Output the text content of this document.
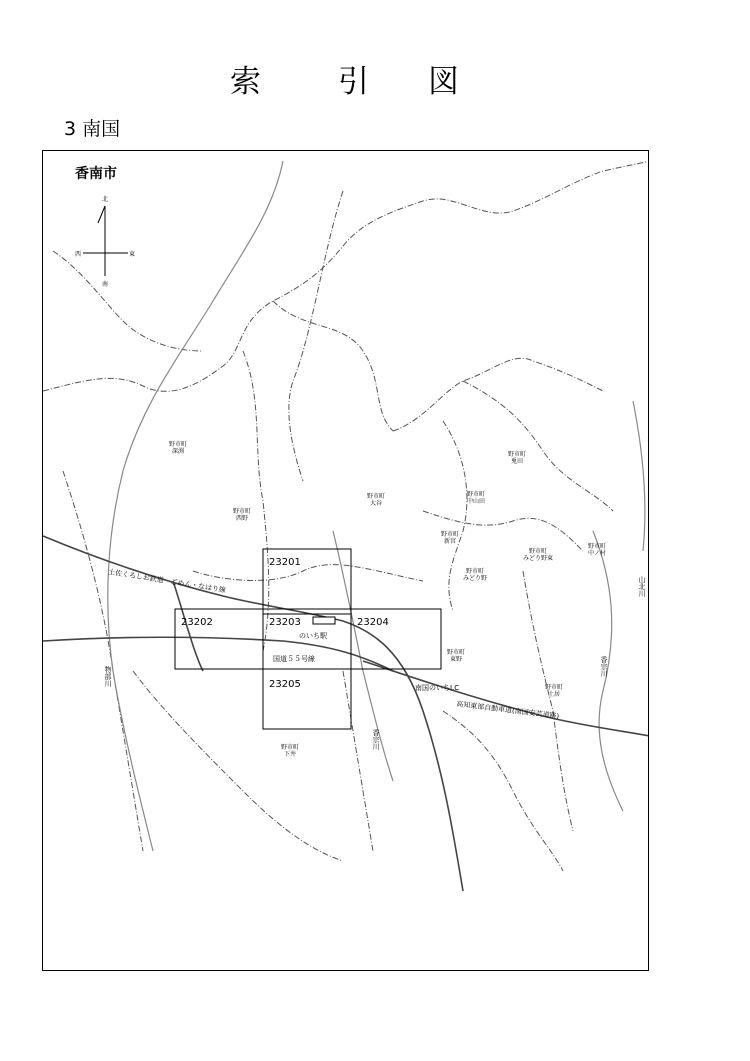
索 引 図
3 南国
香南市
北
南
東
西
野市町
深渕
野市町
西野
野市町
大谷
野市町
兎田
野市町
中山田
野市町
新宮
野市町
みどり野
野市町
みどり野東
野市町
中ノ村
野市町
東野
野市町
土居
野市町
下井
23201
23202	23203	23204
23205
のいち駅
土佐くろしお鉄道　ごめん・なはり線
国道５５号線
南国のいちI.C
高知東部自動車道(南国安芸道路)
物部川
香宗川
山北川
香宗川
